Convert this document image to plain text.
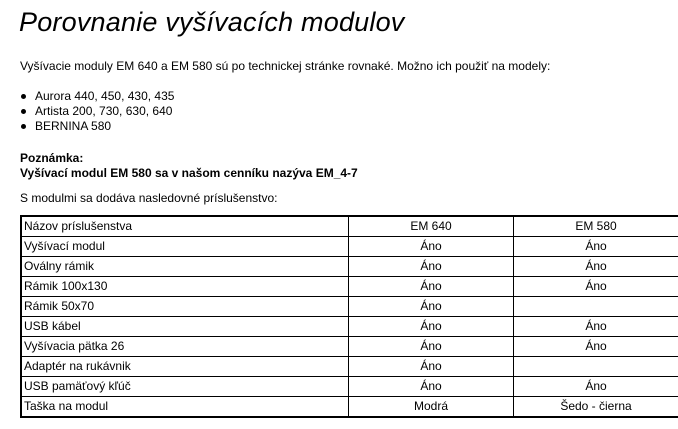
Porovnanie vyšívacích modulov

Vyšívacie moduly EM 640 a EM 580 sú po technickej stránke rovnaké. Možno ich použiť na modely:

Aurora 440, 450, 430, 435
Artista 200, 730, 630, 640
BERNINA 580
Poznámka:
Vyšívací modul EM 580 sa v našom cenníku nazýva EM_4-7
S modulmi sa dodáva nasledovné príslušenstvo:
Názov príslušenstva	EM 640	EM 580
Vyšívací modul	Áno	Áno
Oválny rámik	Áno	Áno
Rámik 100x130	Áno	Áno
Rámik 50x70	Áno	
USB kábel	Áno	Áno
Vyšívacia pätka 26	Áno	Áno
Adaptér na rukávnik	Áno	
USB pamäťový kľúč	Áno	Áno
Taška na modul	Modrá	Šedo - čierna
